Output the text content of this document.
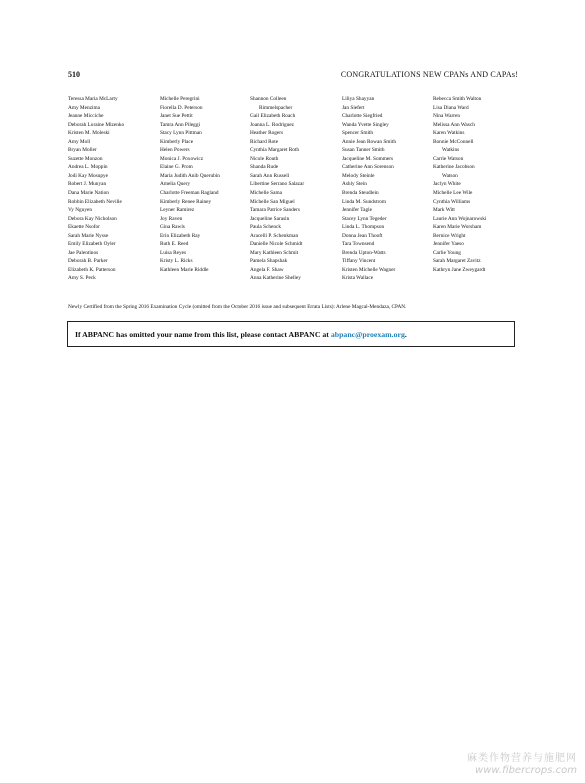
510	CONGRATULATIONS NEW CPANs AND CAPAs!
Teressa Maria McLarty
Amy Menzima
Jeanne Micciche
Deborah Loraine Mizenko
Kristen M. Moleski
Amy Moll
Bryan Moller
Suzette Monzon
Andrea L. Moppin
Jodi Kay Mosupye
Robert J. Munyan
Dana Marie Nation
Robbin Elizabeth Neville
Vy Nguyen
Debora Kay Nicholson
Ekaette Nsofor
Sarah Marie Nysse
Emily Elizabeth Oyler
Jae Palentinos
Deborah B. Parker
Elizabeth K. Patterson
Amy S. Peck
Michelle Peregrini
Fiorella D. Peterson
Janet Sue Pettit
Tamra Ann Pileggi
Stacy Lynn Pittman
Kimberly Place
Helen Powers
Monica J. Poxowicz
Elaine G. Prom
Maria Judith Anib Querubin
Amelia Query
Charlotte Freeman Ragland
Kimberly Renee Rainey
Leyner Ramirez
Joy Raven
Gina Rawls
Erin Elizabeth Ray
Ruth E. Reed
Luisa Reyes
Kristy L. Ricks
Kathleen Marie Riddle
Shannon Colleen
Rimmelspacher
Gail Elizabeth Roach
Joanna L. Rodriguez
Heather Rogers
Richard Rote
Cynthia Margaret Roth
Nicole Routh
Shanda Rude
Sarah Ann Russell
Libertine Serrano Salazar
Michelle Sama
Michelle San Miguel
Tamara Patrice Sanders
Jacqueline Sarasin
Paula Schenck
Aracelli P. Schenkman
Danielle Nicole Schmidt
Mary Kathleen Schmit
Pamela Shapshak
Angela F. Shaw
Anna Katherine Shelley
Liliya Shayyan
Jan Siefert
Charlotte Siegfried
Wanda Yvette Singley
Spencer Smith
Annie Jean Rowan Smith
Susan Tanner Smith
Jacqueline M. Sommers
Catherine Ann Sorenson
Melody Steinle
Ashly Stein
Brenda Steudlein
Linda M. Sundstrom
Jennifer Tagle
Stacey Lynn Tegeder
Linda L. Thompson
Donna Jean Thooft
Tara Townsend
Brenda Upton-Watts
Tiffany Vincent
Kristen Michelle Wagner
Krista Wallace
Rebecca Smith Walton
Lisa Diana Ward
Nina Warren
Melissa Ann Wasch
Karen Watkins
Bonnie McConnell
Watkins
Carrie Watson
Katherine Jacobson
Watson
Jaclyn White
Michelle Lee Wile
Cynthia Williams
Mark Witt
Laurie Ann Wojnarowski
Karen Marie Worsham
Bernice Wright
Jennifer Yaeso
Carlie Young
Sarah Margaret Zavitz
Kathryn Jane Zweygardt
Newly Certified from the Spring 2016 Examination Cycle (omitted from the October 2016 issue and subsequent Errata Lists): Arlene Magcal-Mendaza, CPAN.
If ABPANC has omitted your name from this list, please contact ABPANC at abpanc@proexam.org.
麻类作物营养与施肥网
www.fibercrops.com
